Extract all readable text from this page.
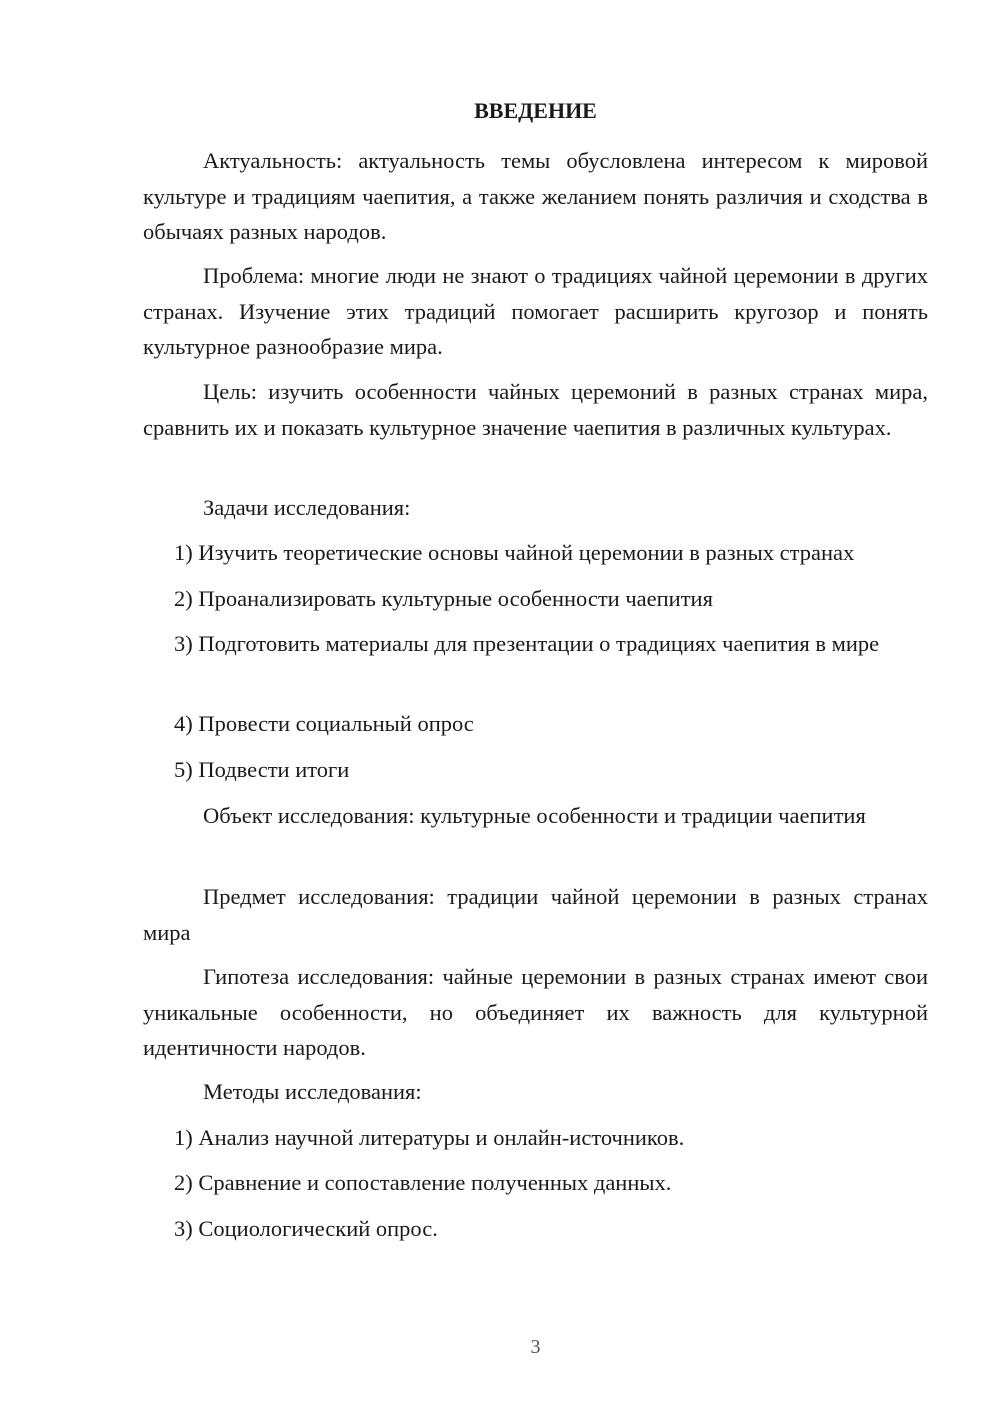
ВВЕДЕНИЕ

Актуальность: актуальность темы обусловлена интересом к мировой культуре и традициям чаепития, а также желанием понять различия и сходства в обычаях разных народов.

Проблема: многие люди не знают о традициях чайной церемонии в других странах. Изучение этих традиций помогает расширить кругозор и понять культурное разнообразие мира.

Цель: изучить особенности чайных церемоний в разных странах мира, сравнить их и показать культурное значение чаепития в различных культурах.

Задачи исследования:

1) Изучить теоретические основы чайной церемонии в разных странах

2) Проанализировать культурные особенности чаепития

3) Подготовить материалы для презентации о традициях чаепития в мире

4) Провести социальный опрос

5) Подвести итоги

Объект исследования: культурные особенности и традиции чаепития

Предмет исследования: традиции чайной церемонии в разных странах мира

Гипотеза исследования: чайные церемонии в разных странах имеют свои уникальные особенности, но объединяет их важность для культурной идентичности народов.

Методы исследования:

1) Анализ научной литературы и онлайн-источников.

2) Сравнение и сопоставление полученных данных.

3) Социологический опрос.

3
